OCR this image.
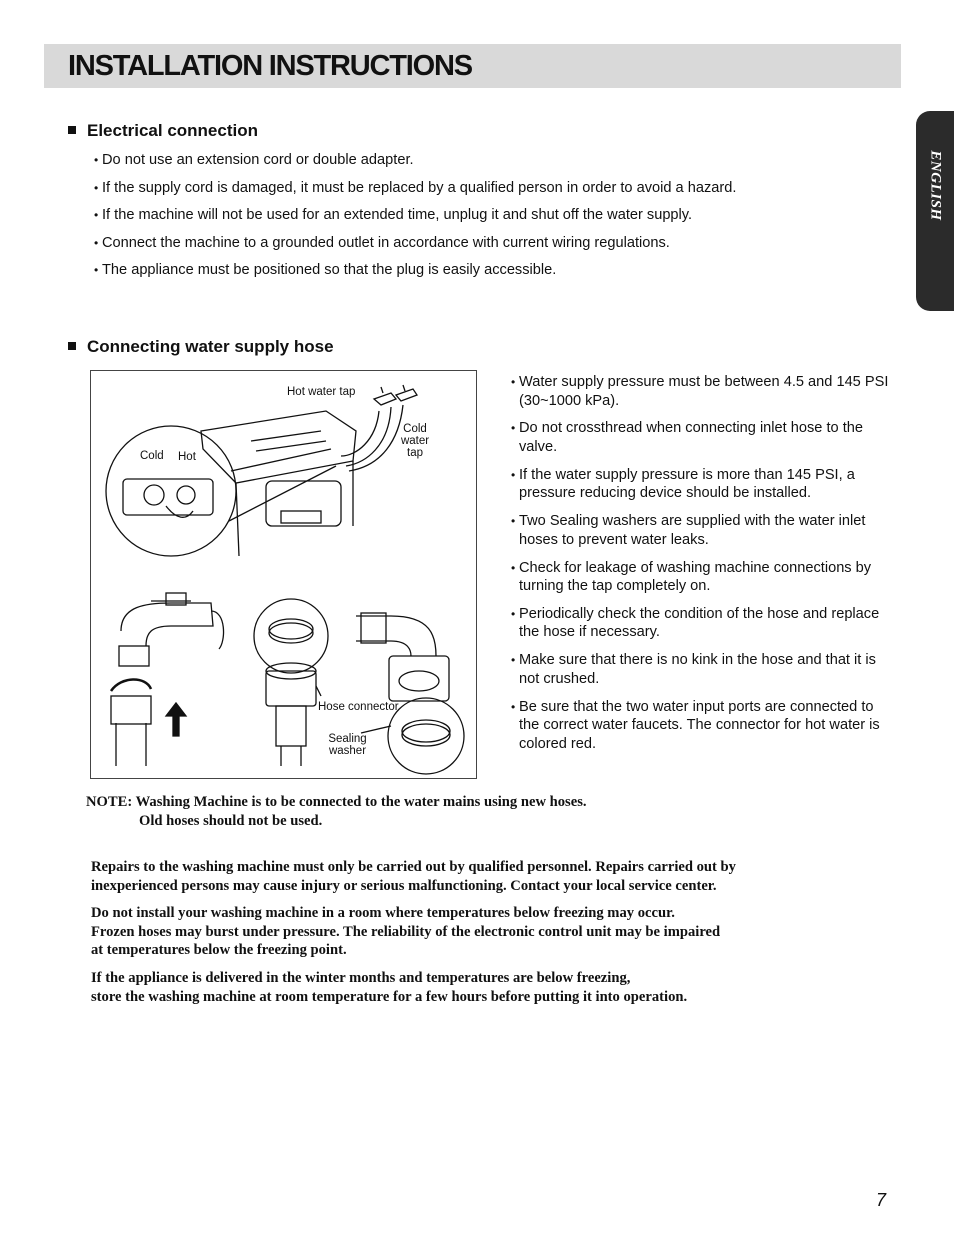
INSTALLATION INSTRUCTIONS
ENGLISH
Electrical connection
• Do not use an extension cord or double adapter.
• If the supply cord is damaged, it must be replaced by a qualified person in order to avoid a hazard.
• If the machine will not be used for an extended time, unplug it and shut off the water supply.
• Connect the machine to a grounded outlet in accordance with current wiring regulations.
• The appliance must be positioned so that the plug is easily accessible.
Connecting water supply hose
Hot water tap
Cold water tap
Cold Hot
Hose connector
Sealing washer
• Water supply pressure must be between 4.5 and 145 PSI (30~1000 kPa).
• Do not crossthread when connecting inlet hose to the valve.
• If the water supply pressure is more than 145 PSI, a pressure reducing device should be installed.
• Two Sealing washers are supplied with the water inlet hoses to prevent water leaks.
• Check for leakage of washing machine connections by turning the tap completely on.
• Periodically check the condition of the hose and replace the hose if necessary.
• Make sure that there is no kink in the hose and that it is not crushed.
• Be sure that the two water input ports are connected to the correct water faucets. The connector for hot water is colored red.
NOTE: Washing Machine is to be connected to the water mains using new hoses.
Old hoses should not be used.
Repairs to the washing machine must only be carried out by qualified personnel. Repairs carried out by
inexperienced persons may cause injury or serious malfunctioning. Contact your local service center.
Do not install your washing machine in a room where temperatures below freezing may occur.
Frozen hoses may burst under pressure. The reliability of the electronic control unit may be impaired
at temperatures below the freezing point.
If the appliance is delivered in the winter months and temperatures are below freezing,
store the washing machine at room temperature for a few hours before putting it into operation.
7
